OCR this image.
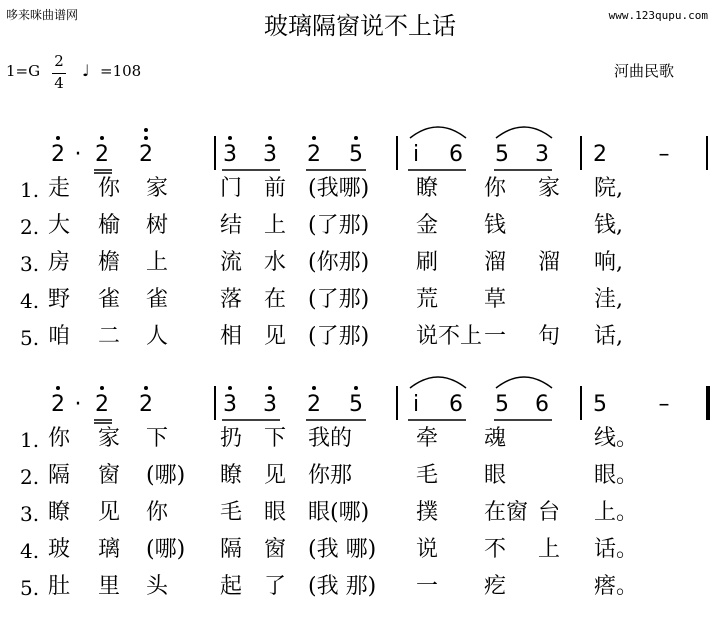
哆来咪曲谱网	www.123qupu.com
玻璃隔窗说不上话
1=G
2
4
♩ =108	河曲民歌
2 · 2 2	3 3 2 5	i	6 5 3 2 –
1. 走 你 家 门 前 (我哪) 瞭 你 家 院,
2. 大 榆 树 结 上 (了那) 金 钱	钱,
3. 房 檐 上 流 水 (你那) 刷 溜 溜 响,
4. 野 雀 雀 落 在 (了那) 荒 草	洼,
5. 咱 二 人 相 见 (了那) 说不上 一 句 话,
2 · 2 2	3 3 2 5	i	6 5 6 5 –
1. 你 家 下 扔 下 我的	牵 魂	线。
2. 隔 窗 (哪) 瞭 见 你那	毛 眼	眼。
3. 瞭 见 你 毛 眼 眼(哪) 撲 在窗 台 上。
4. 玻 璃 (哪) 隔 窗 (我 哪) 说 不 上 话。
5. 肚 里 头 起 了 (我 那) 一 疙	瘩。
